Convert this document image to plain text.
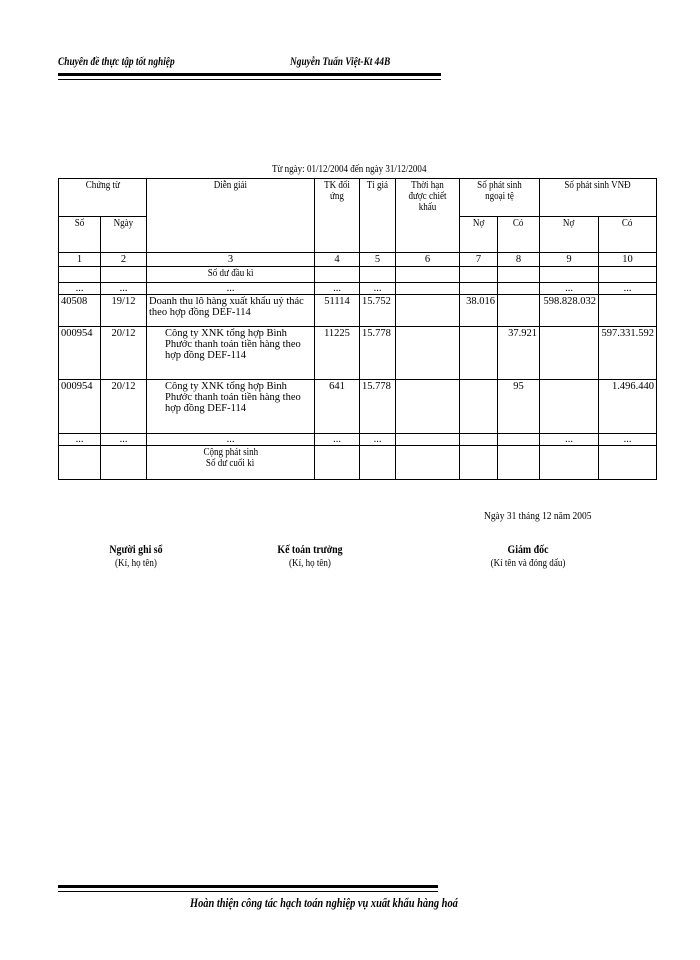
Chuyên đề thực tập tốt nghiệp	Nguyễn Tuấn Việt-Kt 44B
Từ ngày: 01/12/2004 đến ngày 31/12/2004
Chứng từ		Diễn giải	TK đối ứng	Tỉ giá	Thời hạn được chiết khấu	Số phát sinh ngoại tệ		Số phát sinh VNĐ	
Số	Ngày					Nợ	Có	Nợ	Có
1	2	3	4	5	6	7	8	9	10
		Số dư đầu kì							
...	...	...	...	...				...	...
40508	19/12	Doanh thu lô hàng xuất khẩu uỷ thác theo hợp đồng DEF-114	51114	15.752		38.016		598.828.032	
000954	20/12	Công ty XNK tổng hợp Bình Phước thanh toán tiền hàng theo hợp đồng DEF-114	11225	15.778			37.921		597.331.592
000954	20/12	Công ty XNK tổng hợp Bình Phước thanh toán tiền hàng theo hợp đồng DEF-114	641	15.778			95		1.496.440
...	...	...	...	...				...	...
		Cộng phát sinh
Số dư cuối kì							
Ngày 31 tháng 12 năm 2005
Người ghi sổ
(Kí, họ tên)
Kế toán trưởng
(Kí, họ tên)
Giám đốc
(Kí tên và đóng dấu)
Hoàn thiện công tác hạch toán nghiệp vụ xuất khẩu hàng hoá
